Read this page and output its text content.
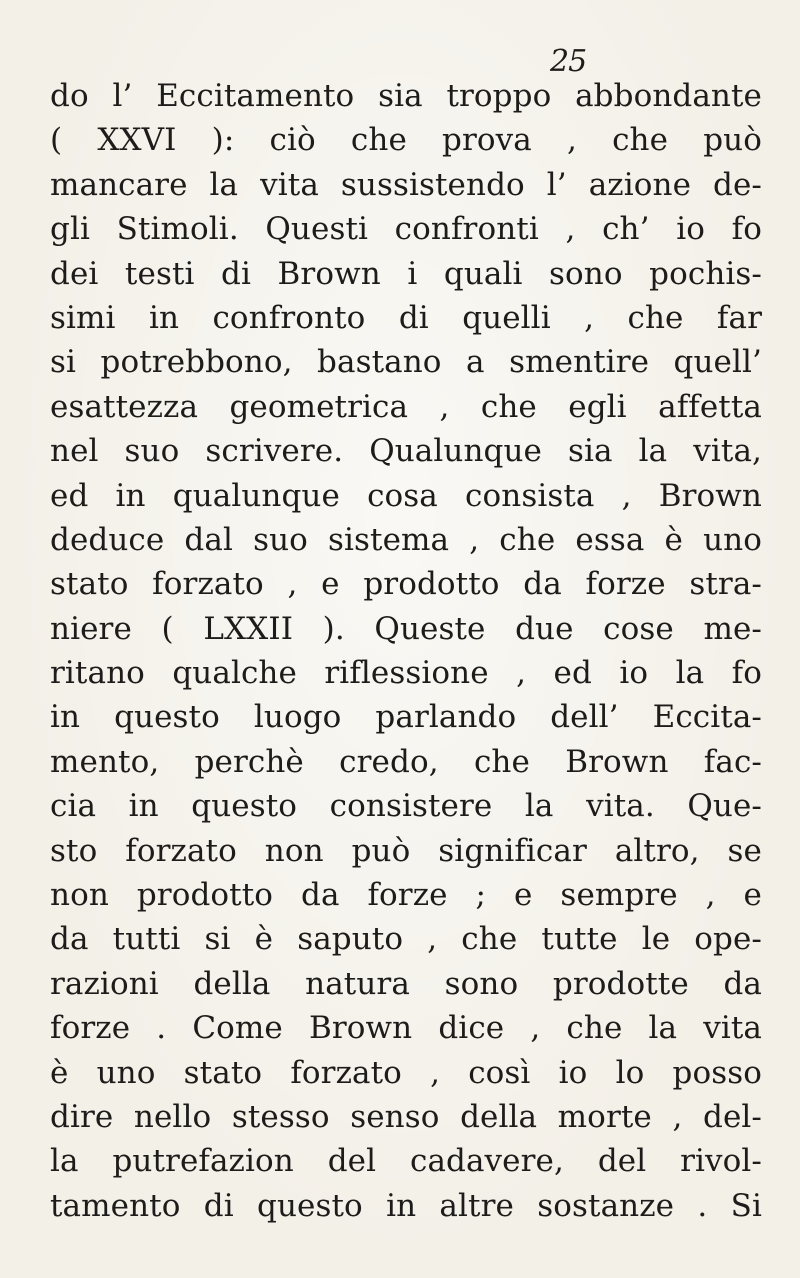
25
do l’ Eccitamento sia troppo abbondante
( XXVI ): ciò che prova , che può
mancare la vita sussistendo l’ azione de-
gli Stimoli. Questi confronti , ch’ io fo
dei testi di Brown i quali sono pochis-
simi in confronto di quelli , che far
si potrebbono, bastano a smentire quell’
esattezza geometrica , che egli affetta
nel suo scrivere. Qualunque sia la vita,
ed in qualunque cosa consista , Brown
deduce dal suo sistema , che essa è uno
stato forzato , e prodotto da forze stra-
niere ( LXXII ). Queste due cose me-
ritano qualche riflessione , ed io la fo
in questo luogo parlando dell’ Eccita-
mento, perchè credo, che Brown fac-
cia in questo consistere la vita. Que-
sto forzato non può significar altro, se
non prodotto da forze ; e sempre , e
da tutti si è saputo , che tutte le ope-
razioni della natura sono prodotte da
forze . Come Brown dice , che la vita
è uno stato forzato , così io lo posso
dire nello stesso senso della morte , del-
la putrefazion del cadavere, del rivol-
tamento di questo in altre sostanze . Si
